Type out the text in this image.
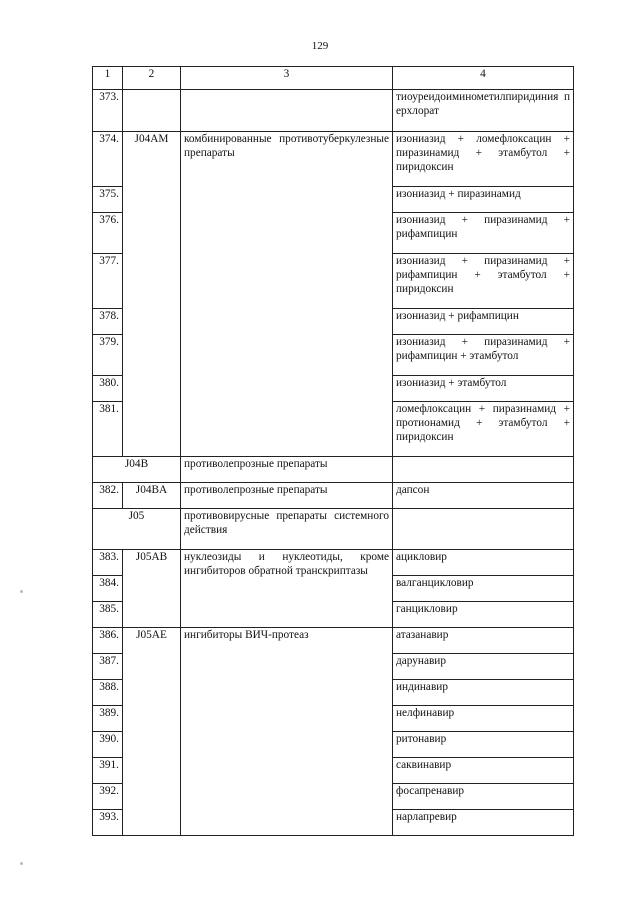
129
1	2	3	4
373.			тиоуреидоиминометилпиридиния перхлорат
374.	J04AM	комбинированные противотуберкулезные препараты	изониазид + ломефлоксацин + пиразинамид + этамбутол + пиридоксин
375.			изониазид + пиразинамид
376.			изониазид + пиразинамид + рифампицин
377.			изониазид + пиразинамид + рифампицин + этамбутол + пиридоксин
378.			изониазид + рифампицин
379.			изониазид + пиразинамид + рифампицин + этамбутол
380.			изониазид + этамбутол
381.			ломефлоксацин + пиразинамид + протионамид + этамбутол + пиридоксин
J04B		противолепрозные препараты	
382.	J04BA	противолепрозные препараты	дапсон
J05		противовирусные препараты системного действия	
383.	J05AB	нуклеозиды и нуклеотиды, кроме ингибиторов обратной транскриптазы	ацикловир
384.			валганцикловир
385.			ганцикловир
386.	J05AE	ингибиторы ВИЧ-протеаз	атазанавир
387.			дарунавир
388.			индинавир
389.			нелфинавир
390.			ритонавир
391.			саквинавир
392.			фосапренавир
393.			нарлапревир
